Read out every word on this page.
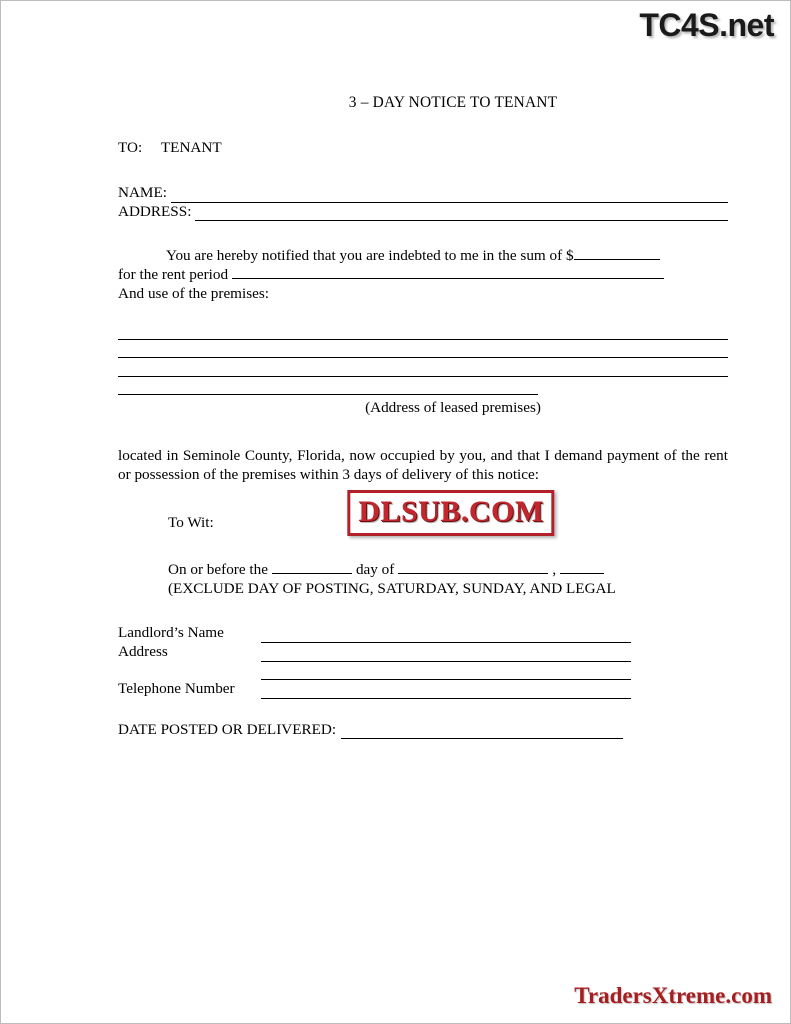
TC4S.net
3 – DAY NOTICE TO TENANT
TO:  TENANT
NAME:
ADDRESS:
You are hereby notified that you are indebted to me in the sum of $
for the rent period
And use of the premises:
(Address of leased premises)
located in Seminole County, Florida, now occupied by you, and that I demand payment of the rent or possession of the premises within 3 days of delivery of this notice:
To Wit:
On or before the	day of	,
(EXCLUDE DAY OF POSTING, SATURDAY, SUNDAY, AND LEGAL
Landlord’s Name
Address
Telephone Number
DATE POSTED OR DELIVERED:
DLSUB.COM
TradersXtreme.com
